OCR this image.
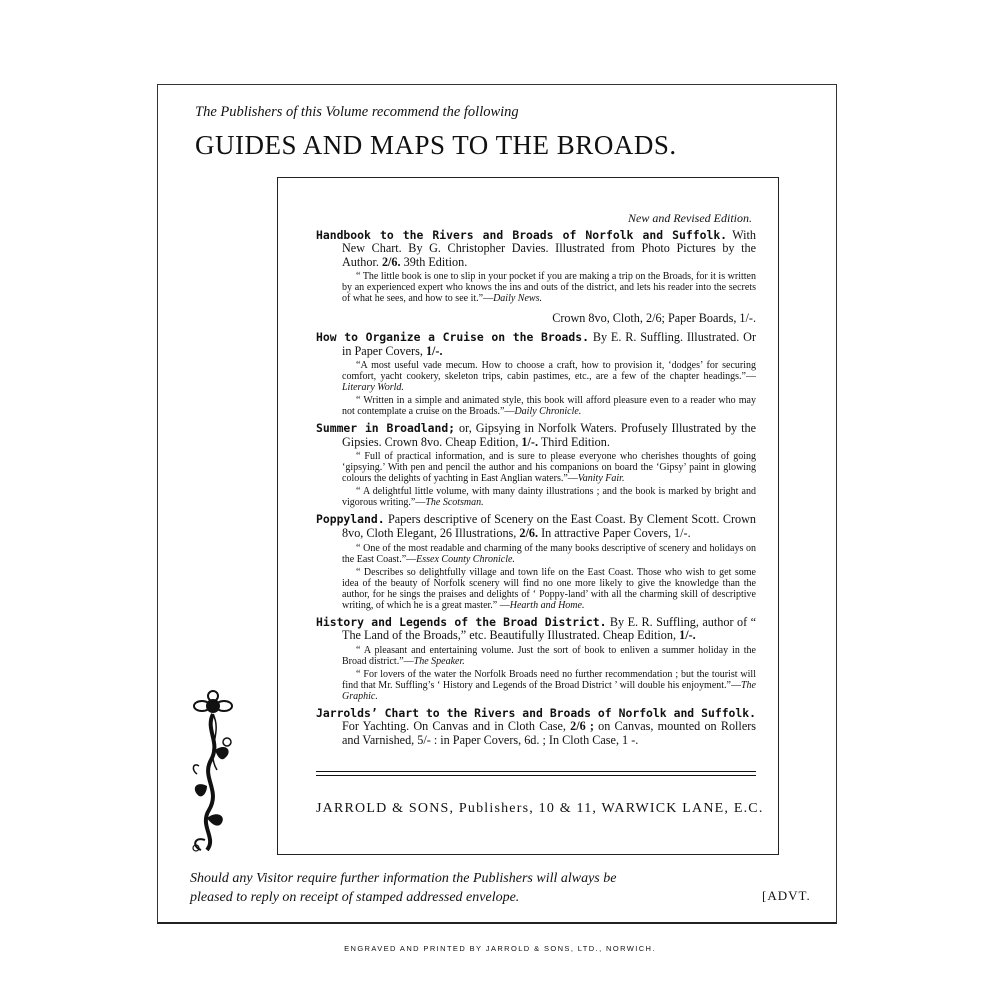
The Publishers of this Volume recommend the following
GUIDES AND MAPS TO THE BROADS.
New and Revised Edition.
Handbook to the Rivers and Broads of Norfolk and Suffolk. With New Chart. By G. Christopher Davies. Illustrated from Photo Pictures by the Author. 2/6. 39th Edition.
“ The little book is one to slip in your pocket if you are making a trip on the Broads, for it is written by an experienced expert who knows the ins and outs of the district, and lets his reader into the secrets of what he sees, and how to see it.”—Daily News.
Crown 8vo, Cloth, 2/6; Paper Boards, 1/-.
How to Organize a Cruise on the Broads. By E. R. Suffling. Illustrated. Or in Paper Covers, 1/-.
“A most useful vade mecum. How to choose a craft, how to provision it, ‘dodges’ for securing comfort, yacht cookery, skeleton trips, cabin pastimes, etc., are a few of the chapter headings.”—Literary World.
“ Written in a simple and animated style, this book will afford pleasure even to a reader who may not contemplate a cruise on the Broads.”—Daily Chronicle.
Summer in Broadland; or, Gipsying in Norfolk Waters. Profusely Illustrated by the Gipsies. Crown 8vo. Cheap Edition, 1/-. Third Edition.
“ Full of practical information, and is sure to please everyone who cherishes thoughts of going ‘gipsying.’ With pen and pencil the author and his companions on board the ‘Gipsy’ paint in glowing colours the delights of yachting in East Anglian waters.”—Vanity Fair.
“ A delightful little volume, with many dainty illustrations ; and the book is marked by bright and vigorous writing.”—The Scotsman.
Poppyland. Papers descriptive of Scenery on the East Coast. By Clement Scott. Crown 8vo, Cloth Elegant, 26 Illustrations, 2/6. In attractive Paper Covers, 1/-.
“ One of the most readable and charming of the many books descriptive of scenery and holidays on the East Coast.”—Essex County Chronicle.
“ Describes so delightfully village and town life on the East Coast. Those who wish to get some idea of the beauty of Norfolk scenery will find no one more likely to give the knowledge than the author, for he sings the praises and delights of ‘ Poppy-land’ with all the charming skill of descriptive writing, of which he is a great master.” —Hearth and Home.
History and Legends of the Broad District. By E. R. Suffling, author of “ The Land of the Broads,” etc. Beautifully Illustrated. Cheap Edition, 1/-.
“ A pleasant and entertaining volume. Just the sort of book to enliven a summer holiday in the Broad district.”—The Speaker.
“ For lovers of the water the Norfolk Broads need no further recommendation ; but the tourist will find that Mr. Suffling’s ‘ History and Legends of the Broad District ’ will double his enjoyment.”—The Graphic.
Jarrolds’ Chart to the Rivers and Broads of Norfolk and Suffolk. For Yachting. On Canvas and in Cloth Case, 2/6 ; on Canvas, mounted on Rollers and Varnished, 5/- : in Paper Covers, 6d. ; In Cloth Case, 1 -.
JARROLD & SONS, Publishers, 10 & 11, WARWICK LANE, E.C.
Should any Visitor require further information the Publishers will always be
pleased to reply on receipt of stamped addressed envelope.	[ADVT.
ENGRAVED AND PRINTED BY JARROLD & SONS, LTD., NORWICH.
